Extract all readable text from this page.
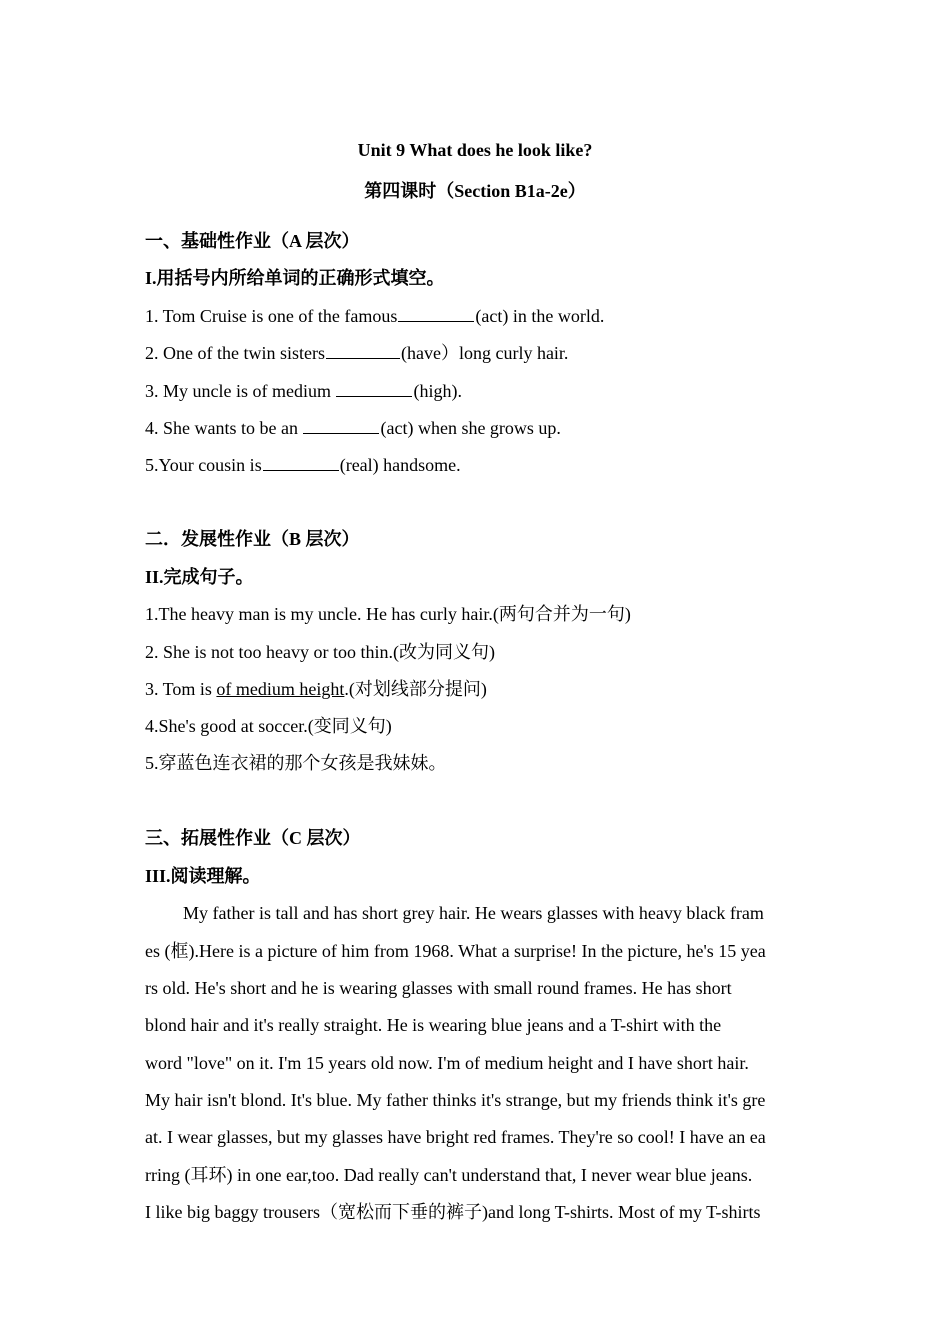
Unit 9 What does he look like?
第四课时（Section B1a-2e）
一、基础性作业（A 层次）
I.用括号内所给单词的正确形式填空。
1. Tom Cruise is one of the famous	(act) in the world.
2. One of the twin sisters	(have）long curly hair.
3. My uncle is of medium	(high).
4. She wants to be an	(act) when she grows up.
5.Your cousin is	(real) handsome.
二．发展性作业（B 层次）
II.完成句子。
1.The heavy man is my uncle. He has curly hair.(两句合并为一句)
2. She is not too heavy or too thin.(改为同义句)
3. Tom is of medium height.(对划线部分提问)
4.She's good at soccer.(变同义句)
5.穿蓝色连衣裙的那个女孩是我妹妹。
三、拓展性作业（C 层次）
III.阅读理解。
My father is tall and has short grey hair. He wears glasses with heavy black fram
es (框).Here is a picture of him from 1968. What a surprise! In the picture, he's 15 yea
rs old. He's short and he is wearing glasses with small round frames. He has short
blond hair and it's really straight. He is wearing blue jeans and a T-shirt with the
word "love" on it. I'm 15 years old now. I'm of medium height and I have short hair.
My hair isn't blond. It's blue. My father thinks it's strange, but my friends think it's gre
at. I wear glasses, but my glasses have bright red frames. They're so cool! I have an ea
rring (耳环) in one ear,too. Dad really can't understand that, I never wear blue jeans.
I like big baggy trousers（宽松而下垂的裤子)and long T-shirts. Most of my T-shirts
